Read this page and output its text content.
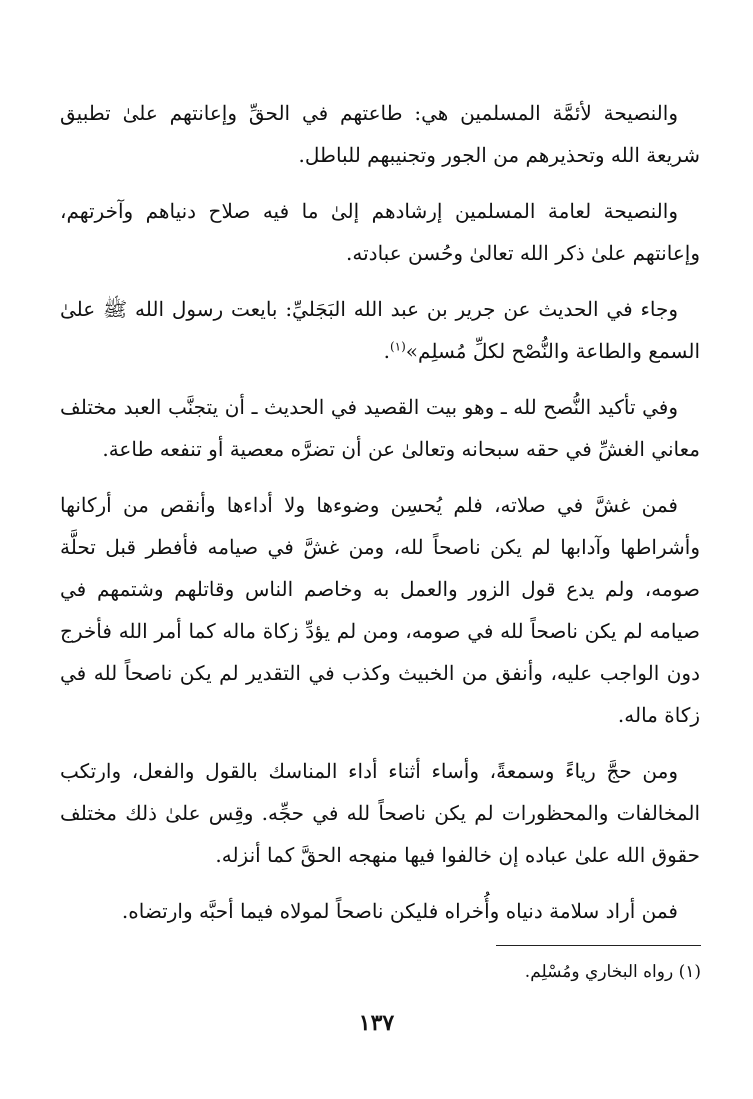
والنصيحة لأئمَّة المسلمين هي: طاعتهم في الحقِّ وإعانتهم علىٰ تطبيق شريعة الله وتحذيرهم من الجور وتجنيبهم للباطل.

والنصيحة لعامة المسلمين إرشادهم إلىٰ ما فيه صلاح دنياهم وآخرتهم، وإعانتهم علىٰ ذكر الله تعالىٰ وحُسن عبادته.

وجاء في الحديث عن جرير بن عبد الله البَجَليِّ: بايعت رسول الله ﷺ علىٰ السمع والطاعة والنُّصْح لكلِّ مُسلِم»$^{(١)}$.

وفي تأكيد النُّصح لله ـ وهو بيت القصيد في الحديث ـ أن يتجنَّب العبد مختلف معاني الغشِّ في حقه سبحانه وتعالىٰ عن أن تضرَّه معصية أو تنفعه طاعة.

فمن غشَّ في صلاته، فلم يُحسِن وضوءها ولا أداءها وأنقص من أركانها وأشراطها وآدابها لم يكن ناصحاً لله، ومن غشَّ في صيامه فأفطر قبل تحلَّة صومه، ولم يدع قول الزور والعمل به وخاصم الناس وقاتلهم وشتمهم في صيامه لم يكن ناصحاً لله في صومه، ومن لم يؤدِّ زكاة ماله كما أمر الله فأخرج دون الواجب عليه، وأنفق من الخبيث وكذب في التقدير لم يكن ناصحاً لله في زكاة ماله.

ومن حجَّ رياءً وسمعةً، وأساء أثناء أداء المناسك بالقول والفعل، وارتكب المخالفات والمحظورات لم يكن ناصحاً لله في حجِّه. وقِس علىٰ ذلك مختلف حقوق الله علىٰ عباده إن خالفوا فيها منهجه الحقَّ كما أنزله.

فمن أراد سلامة دنياه وأُخراه فليكن ناصحاً لمولاه فيما أحبَّه وارتضاه.

(١) رواه البخاري ومُسْلِم.
١٣٧
